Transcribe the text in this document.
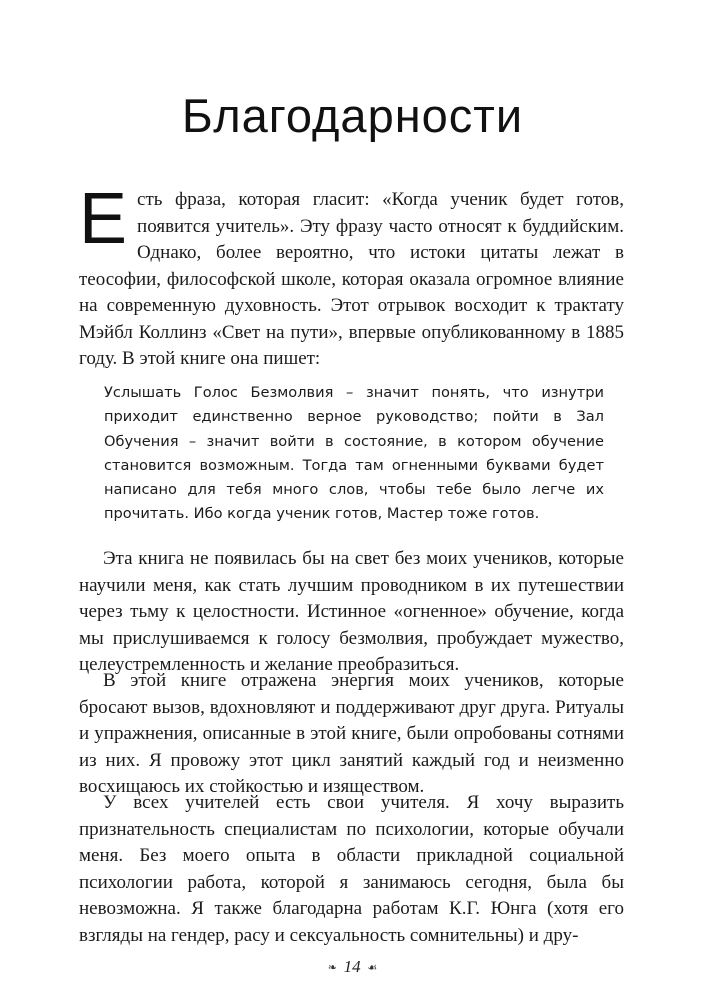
Благодарности

Есть фраза, которая гласит: «Когда ученик будет готов, появится учитель». Эту фразу часто относят к буддийским. Однако, более вероятно, что истоки цитаты лежат в теософии, философской школе, которая оказала огромное влияние на современную духовность. Этот отрывок восходит к трактату Мэйбл Коллинз «Свет на пути», впервые опубликованному в 1885 году. В этой книге она пишет:

Услышать Голос Безмолвия – значит понять, что изнутри приходит единственно верное руководство; пойти в Зал Обучения – значит войти в состояние, в котором обучение становится возможным. Тогда там огненными буквами будет написано для тебя много слов, чтобы тебе было легче их прочитать. Ибо когда ученик готов, Мастер тоже готов.

Эта книга не появилась бы на свет без моих учеников, которые научили меня, как стать лучшим проводником в их путешествии через тьму к целостности. Истинное «огненное» обучение, когда мы прислушиваемся к голосу безмолвия, пробуждает мужество, целеустремленность и желание преобразиться.

В этой книге отражена энергия моих учеников, которые бросают вызов, вдохновляют и поддерживают друг друга. Ритуалы и упражнения, описанные в этой книге, были опробованы сотнями из них. Я провожу этот цикл занятий каждый год и неизменно восхищаюсь их стойкостью и изяществом.

У всех учителей есть свои учителя. Я хочу выразить признательность специалистам по психологии, которые обучали меня. Без моего опыта в области прикладной социальной психологии работа, которой я занимаюсь сегодня, была бы невозможна. Я также благодарна работам К.Г. Юнга (хотя его взгляды на гендер, расу и сексуальность сомнительны) и дру-

❧ 14 ☙
